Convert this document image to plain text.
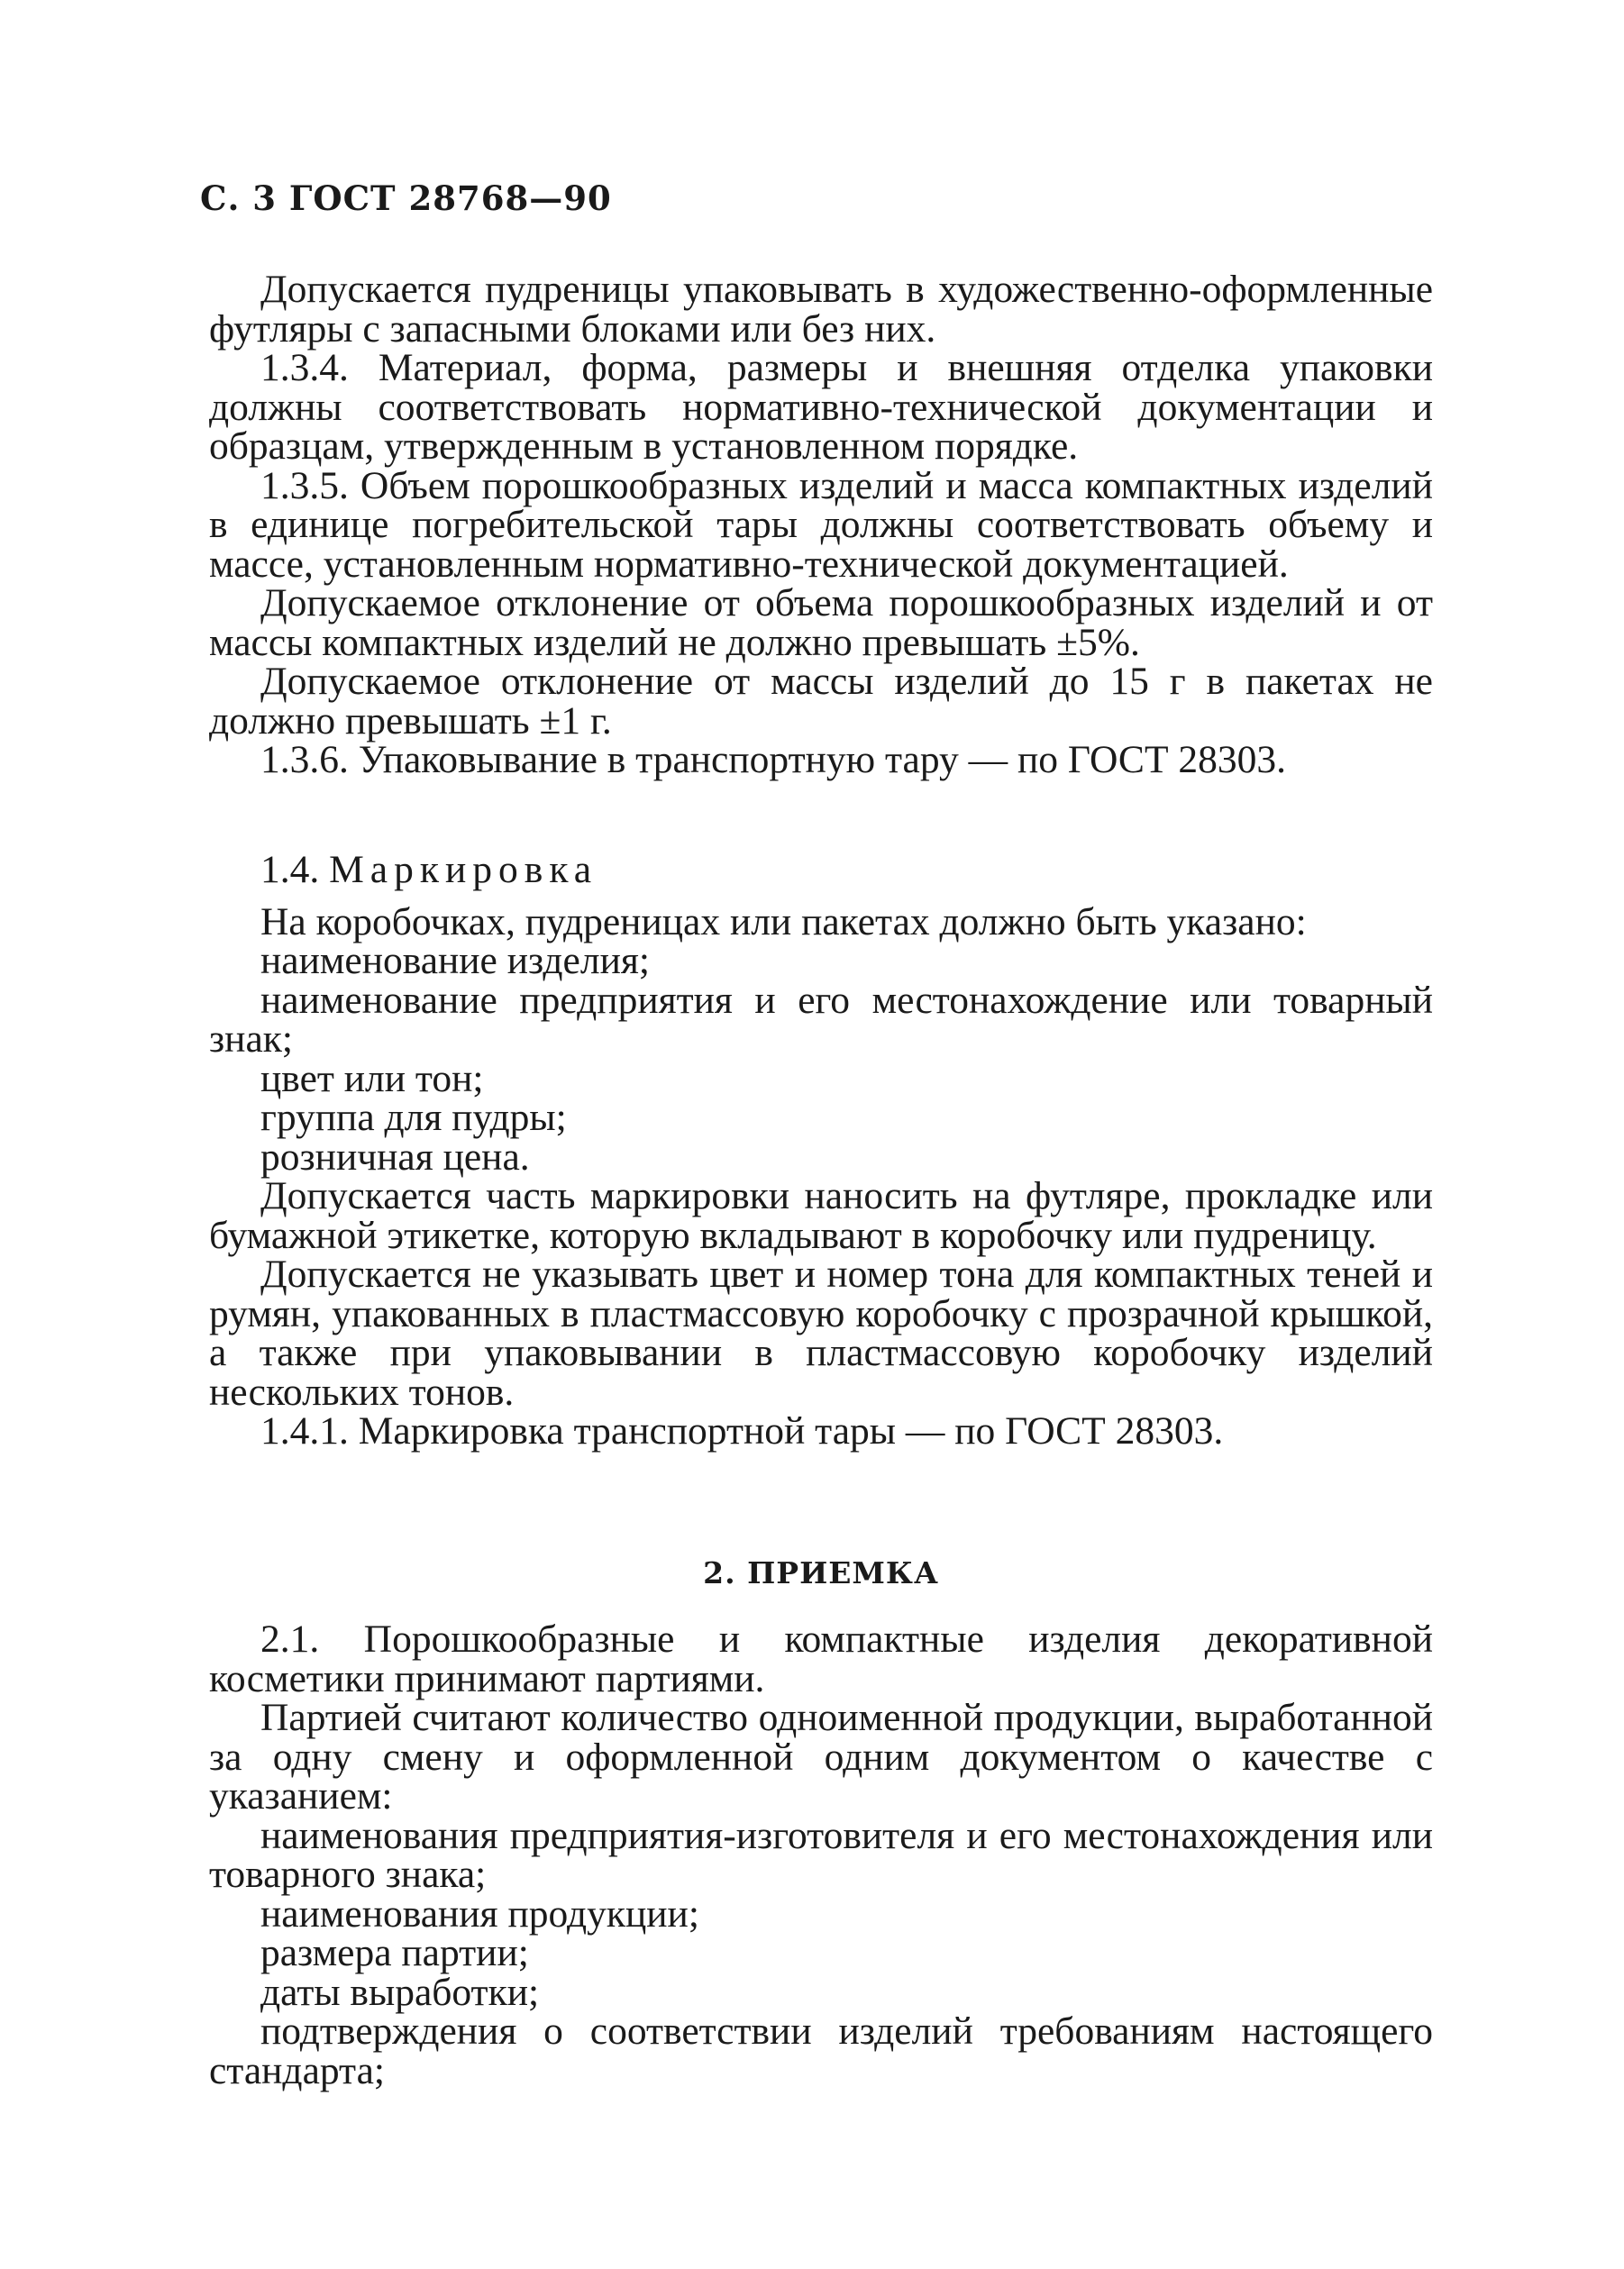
С. 3 ГОСТ 28768—90

Допускается пудреницы упаковывать в художественно-оформленные футляры с запасными блоками или без них.

1.3.4. Материал, форма, размеры и внешняя отделка упаковки должны соответствовать нормативно-технической документации и образцам, утвержденным в установленном порядке.

1.3.5. Объем порошкообразных изделий и масса компактных изделий в единице погребительской тары должны соответствовать объему и массе, установленным нормативно-технической документацией.

Допускаемое отклонение от объема порошкообразных изделий и от массы компактных изделий не должно превышать ±5%.

Допускаемое отклонение от массы изделий до 15 г в пакетах не должно превышать ±1 г.

1.3.6. Упаковывание в транспортную тару — по ГОСТ 28303.

1.4. Маркировка

На коробочках, пудреницах или пакетах должно быть указано:

наименование изделия;

наименование предприятия и его местонахождение или товарный знак;

цвет или тон;

группа для пудры;

розничная цена.

Допускается часть маркировки наносить на футляре, прокладке или бумажной этикетке, которую вкладывают в коробочку или пудреницу.

Допускается не указывать цвет и номер тона для компактных теней и румян, упакованных в пластмассовую коробочку с прозрачной крышкой, а также при упаковывании в пластмассовую коробочку изделий нескольких тонов.

1.4.1. Маркировка транспортной тары — по ГОСТ 28303.

2. ПРИЕМКА

2.1. Порошкообразные и компактные изделия декоративной косметики принимают партиями.

Партией считают количество одноименной продукции, выработанной за одну смену и оформленной одним документом о качестве с указанием:

наименования предприятия-изготовителя и его местонахождения или товарного знака;

наименования продукции;

размера партии;

даты выработки;

подтверждения о соответствии изделий требованиям настоящего стандарта;
